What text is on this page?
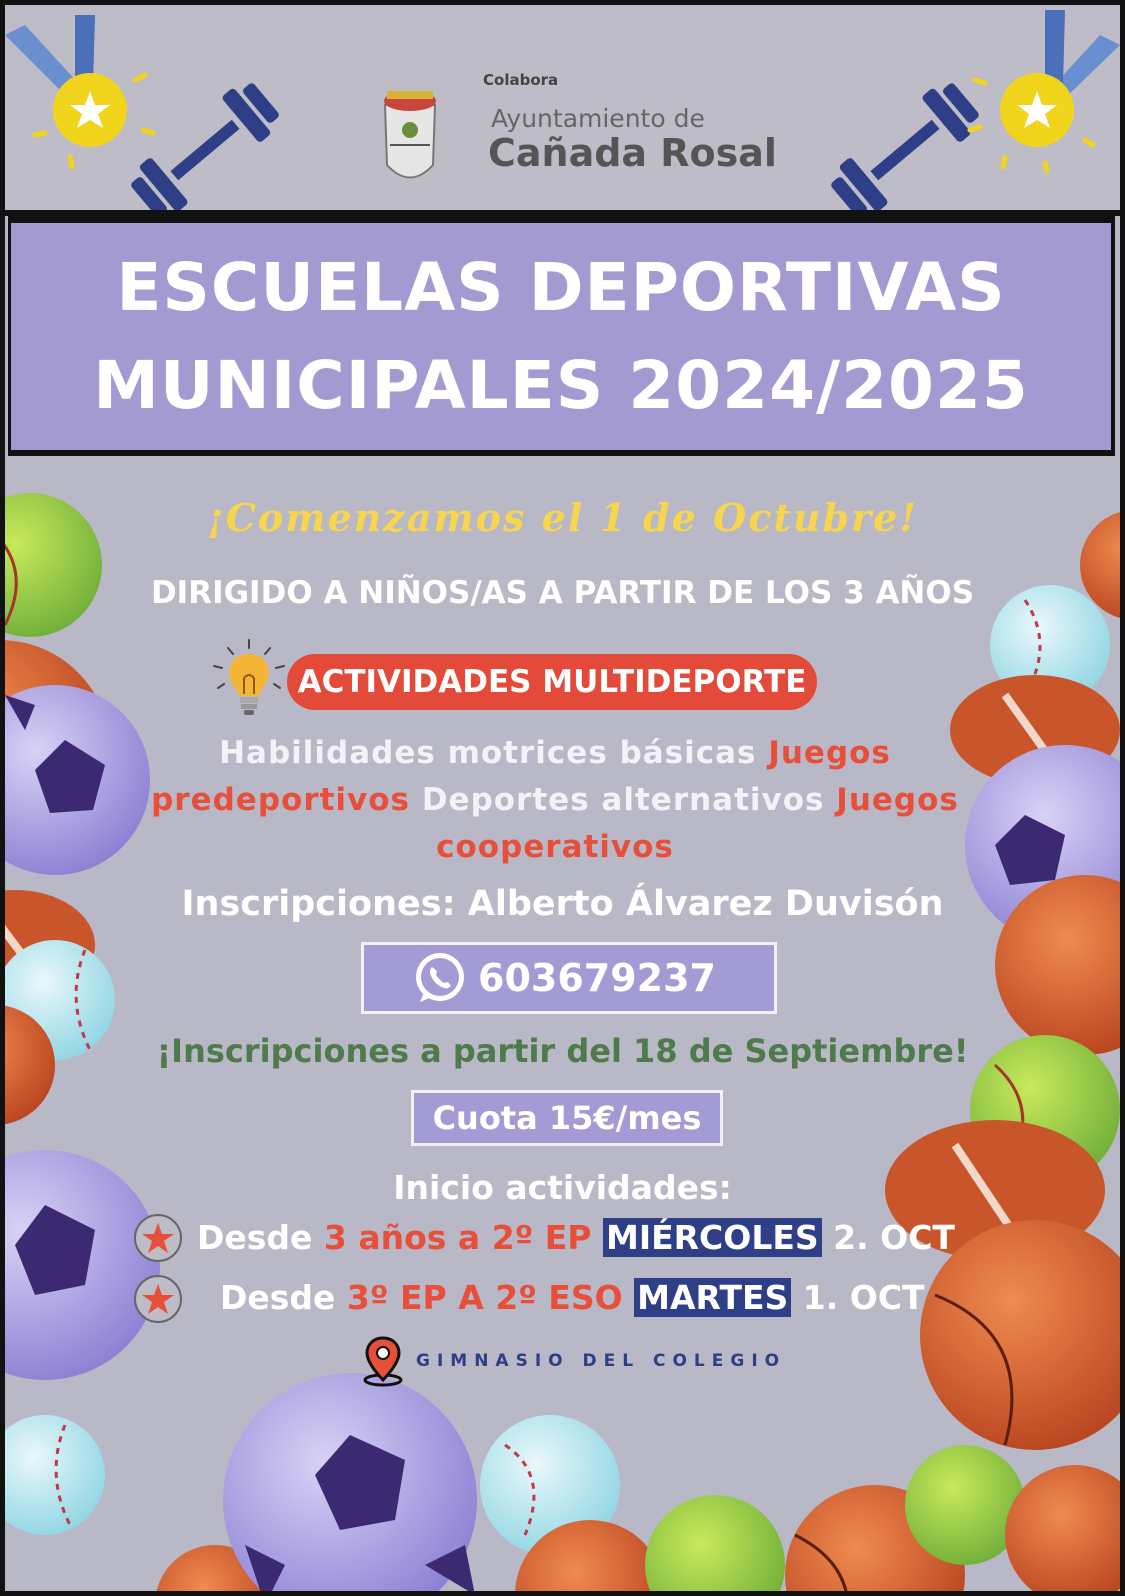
Colabora
Ayuntamiento de
Cañada Rosal
ESCUELAS DEPORTIVAS
MUNICIPALES 2024/2025
¡Comenzamos el 1 de Octubre!
DIRIGIDO A NIÑOS/AS A PARTIR DE LOS 3 AÑOS
ACTIVIDADES MULTIDEPORTE
Habilidades motrices básicas Juegos predeportivos Deportes alternativos Juegos cooperativos
Inscripciones: Alberto Álvarez Duvisón
603679237
¡Inscripciones a partir del 18 de Septiembre!
Cuota 15€/mes
Inicio actividades:
Desde 3 años a 2º EP MIÉRCOLES 2. OCT
Desde 3º EP A 2º ESO MARTES 1. OCT
GIMNASIO DEL COLEGIO
